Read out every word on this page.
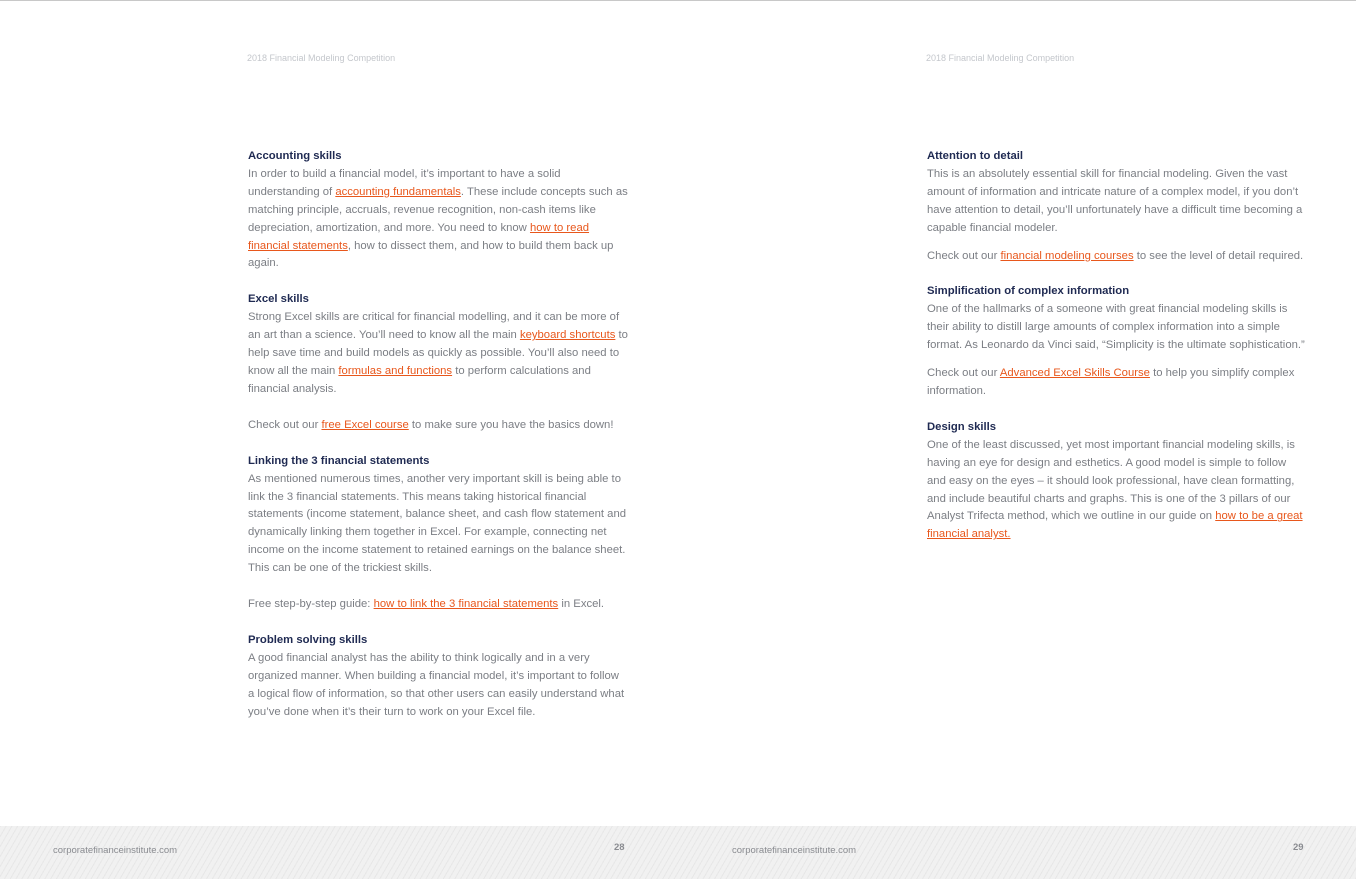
2018 Financial Modeling Competition
Accounting skills

In order to build a financial model, it’s important to have a solid understanding of accounting fundamentals. These include concepts such as matching principle, accruals, revenue recognition, non-cash items like depreciation, amortization, and more. You need to know how to read financial statements, how to dissect them, and how to build them back up again.

Excel skills

Strong Excel skills are critical for financial modelling, and it can be more of an art than a science. You’ll need to know all the main keyboard shortcuts to help save time and build models as quickly as possible. You’ll also need to know all the main formulas and functions to perform calculations and financial analysis.

Check out our free Excel course to make sure you have the basics down!

Linking the 3 financial statements

As mentioned numerous times, another very important skill is being able to link the 3 financial statements. This means taking historical financial statements (income statement, balance sheet, and cash flow statement and dynamically linking them together in Excel. For example, connecting net income on the income statement to retained earnings on the balance sheet. This can be one of the trickiest skills.

Free step-by-step guide: how to link the 3 financial statements in Excel.

Problem solving skills

A good financial analyst has the ability to think logically and in a very organized manner. When building a financial model, it’s important to follow a logical flow of information, so that other users can easily understand what you’ve done when it’s their turn to work on your Excel file.

2018 Financial Modeling Competition
Attention to detail

This is an absolutely essential skill for financial modeling. Given the vast amount of information and intricate nature of a complex model, if you don’t have attention to detail, you’ll unfortunately have a difficult time becoming a capable financial modeler.

Check out our financial modeling courses to see the level of detail required.

Simplification of complex information

One of the hallmarks of a someone with great financial modeling skills is their ability to distill large amounts of complex information into a simple format. As Leonardo da Vinci said, “Simplicity is the ultimate sophistication.”

Check out our Advanced Excel Skills Course to help you simplify complex information.

Design skills

One of the least discussed, yet most important financial modeling skills, is having an eye for design and esthetics. A good model is simple to follow and easy on the eyes – it should look professional, have clean formatting, and include beautiful charts and graphs. This is one of the 3 pillars of our Analyst Trifecta method, which we outline in our guide on how to be a great financial analyst.

corporatefinanceinstitute.com	28	corporatefinanceinstitute.com	29
